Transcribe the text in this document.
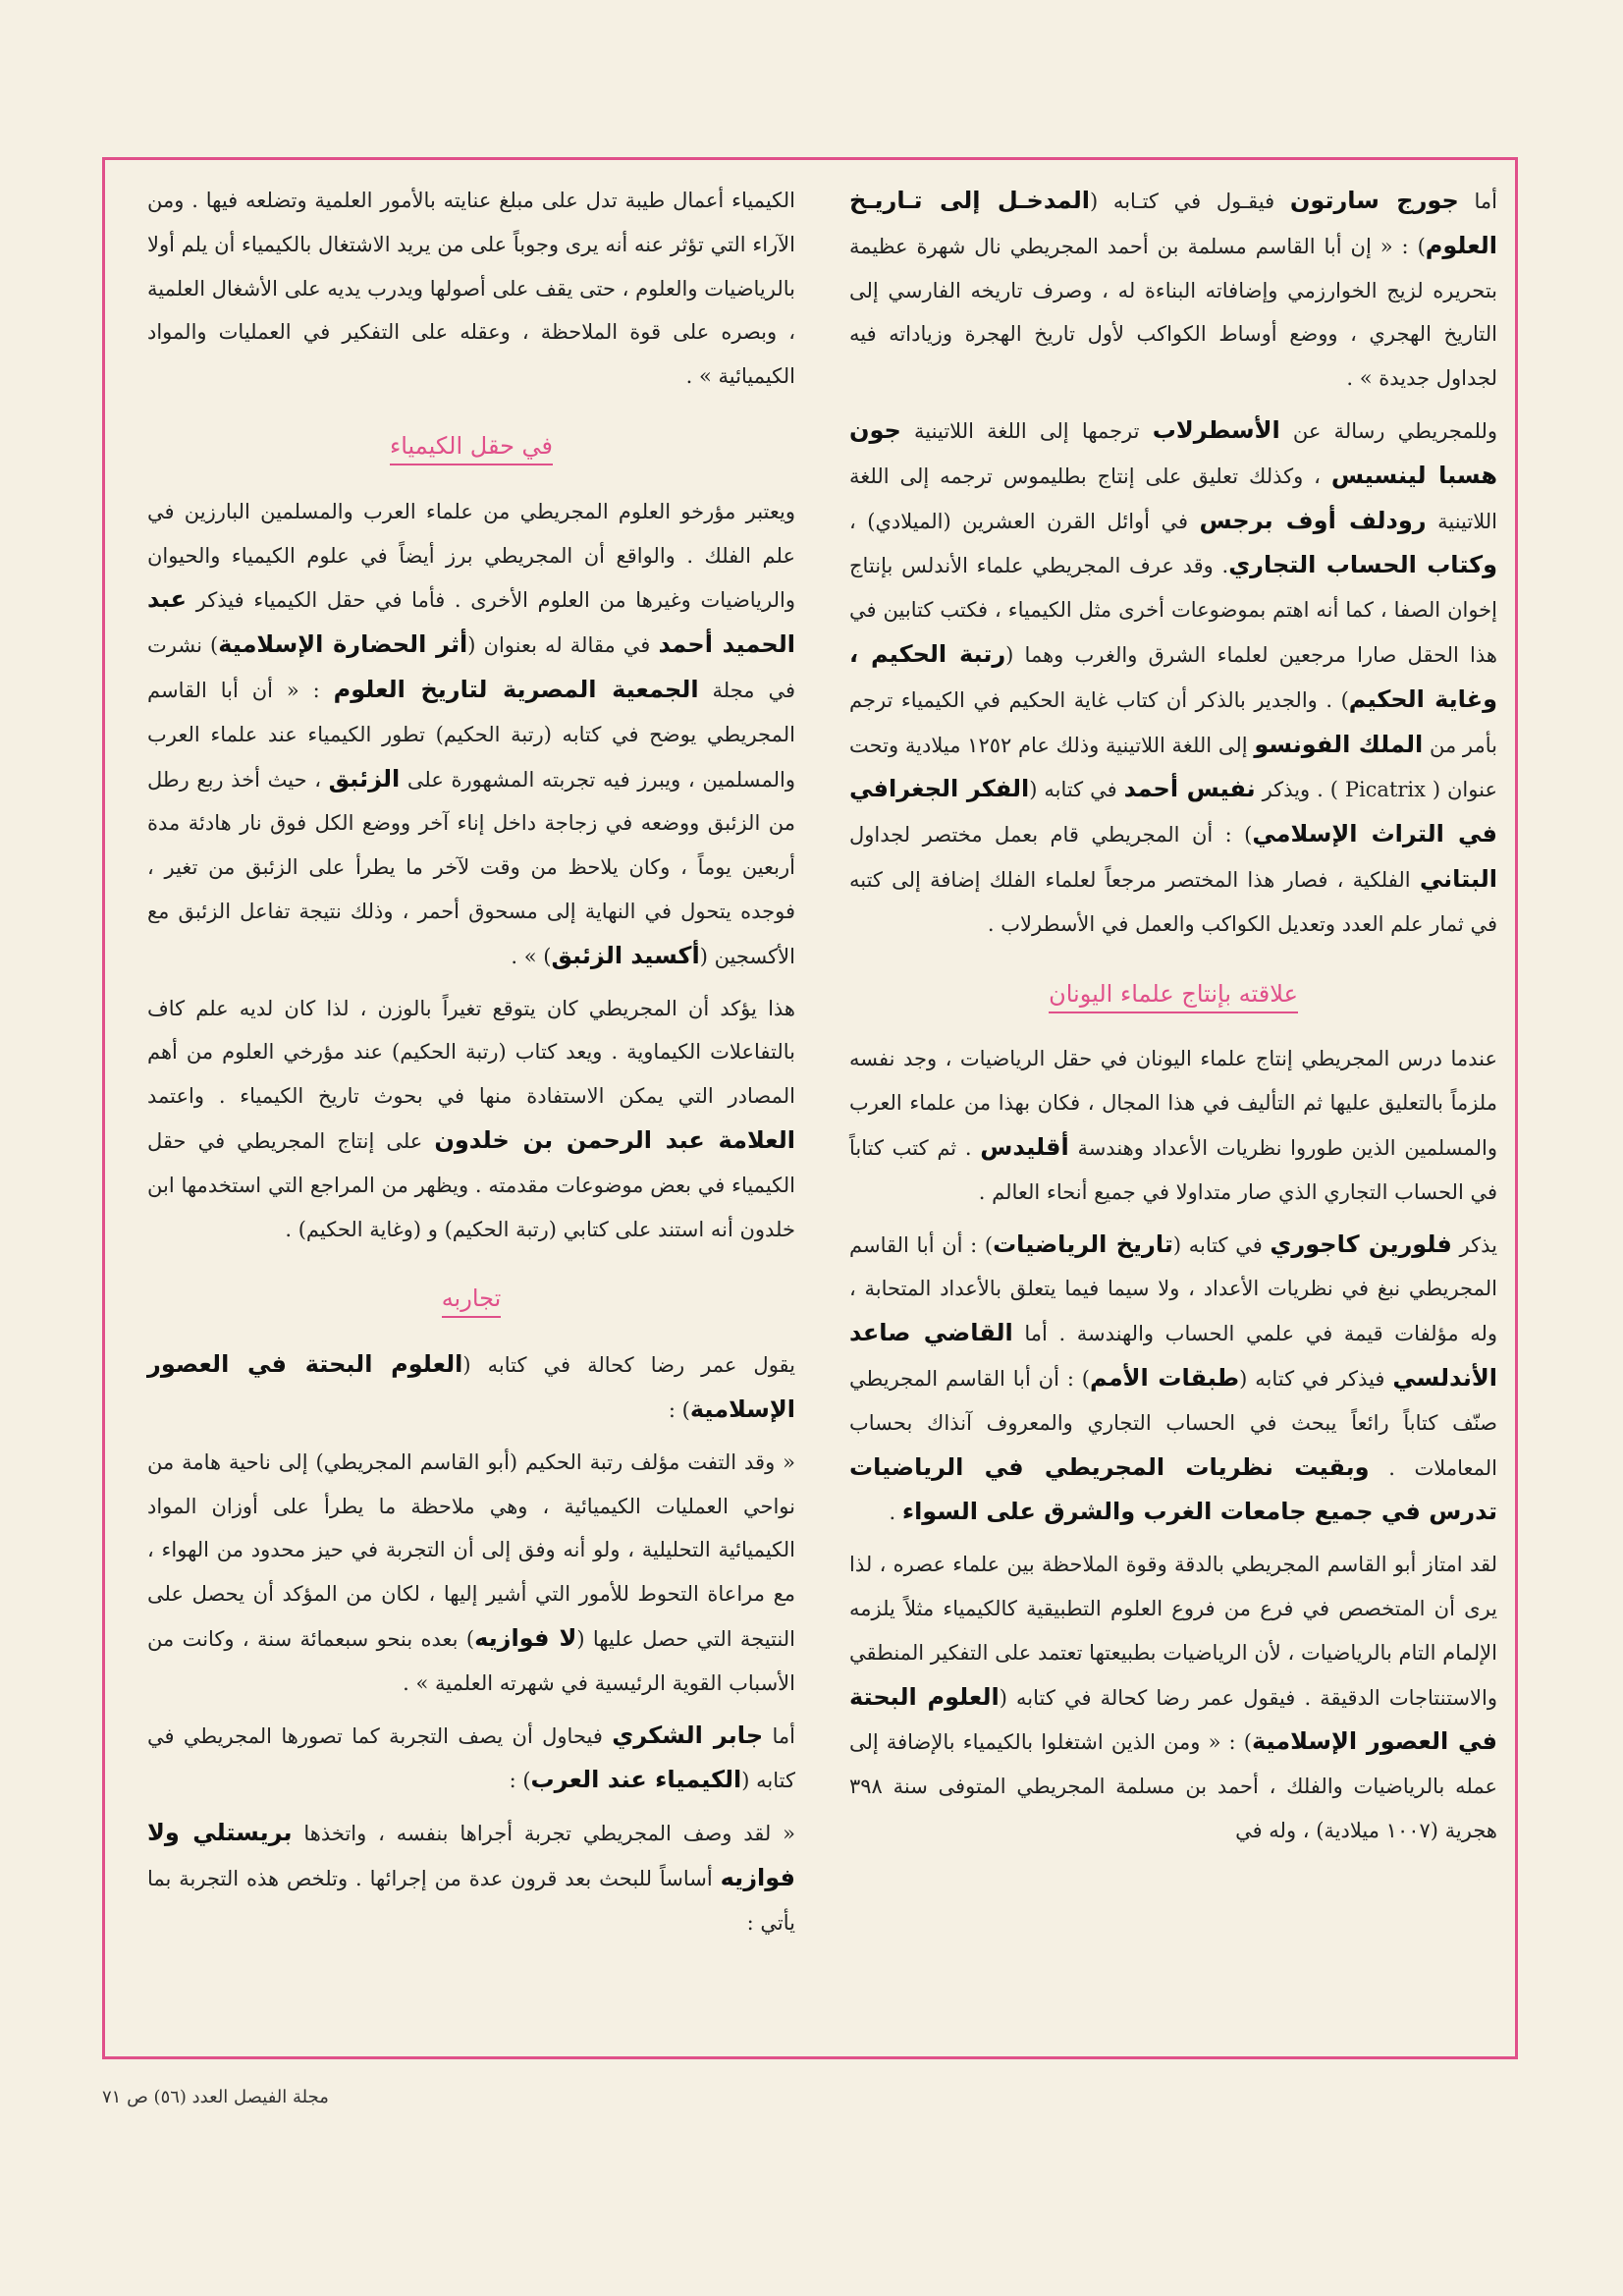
أما جورج سارتون فيقـول في كتـابه (المدخـل إلى تـاريـخ العلوم) : « إن أبا القاسم مسلمة بن أحمد المجريطي نال شهرة عظيمة بتحريره لزيج الخوارزمي وإضافاته البناءة له ، وصرف تاريخه الفارسي إلى التاريخ الهجري ، ووضع أوساط الكواكب لأول تاريخ الهجرة وزياداته فيه لجداول جديدة » .

وللمجريطي رسالة عن الأسطرلاب ترجمها إلى اللغة اللاتينية جون هسبا لينسيس ، وكذلك تعليق على إنتاج بطليموس ترجمه إلى اللغة اللاتينية رودلف أوف برجس في أوائل القرن العشرين (الميلادي) ، وكتاب الحساب التجاري. وقد عرف المجريطي علماء الأندلس بإنتاج إخوان الصفا ، كما أنه اهتم بموضوعات أخرى مثل الكيمياء ، فكتب كتابين في هذا الحقل صارا مرجعين لعلماء الشرق والغرب وهما (رتبة الحكيم ، وغاية الحكيم) . والجدير بالذكر أن كتاب غاية الحكيم في الكيمياء ترجم بأمر من الملك الفونسو إلى اللغة اللاتينية وذلك عام ١٢٥٢ ميلادية وتحت عنوان ( Picatrix ) . ويذكر نفيس أحمد في كتابه (الفكر الجغرافي في التراث الإسلامي) : أن المجريطي قام بعمل مختصر لجداول البتاني الفلكية ، فصار هذا المختصر مرجعاً لعلماء الفلك إضافة إلى كتبه في ثمار علم العدد وتعديل الكواكب والعمل في الأسطرلاب .

علاقته بإنتاج علماء اليونان

عندما درس المجريطي إنتاج علماء اليونان في حقل الرياضيات ، وجد نفسه ملزماً بالتعليق عليها ثم التأليف في هذا المجال ، فكان بهذا من علماء العرب والمسلمين الذين طوروا نظريات الأعداد وهندسة أقليدس . ثم كتب كتاباً في الحساب التجاري الذي صار متداولا في جميع أنحاء العالم .

يذكر فلورين كاجوري في كتابه (تاريخ الرياضيات) : أن أبا القاسم المجريطي نبغ في نظريات الأعداد ، ولا سيما فيما يتعلق بالأعداد المتحابة ، وله مؤلفات قيمة في علمي الحساب والهندسة . أما القاضي صاعد الأندلسي فيذكر في كتابه (طبقات الأمم) : أن أبا القاسم المجريطي صنّف كتاباً رائعاً يبحث في الحساب التجاري والمعروف آنذاك بحساب المعاملات . وبقيت نظريات المجريطي في الرياضيات تدرس في جميع جامعات الغرب والشرق على السواء .

لقد امتاز أبو القاسم المجريطي بالدقة وقوة الملاحظة بين علماء عصره ، لذا يرى أن المتخصص في فرع من فروع العلوم التطبيقية كالكيمياء مثلاً يلزمه الإلمام التام بالرياضيات ، لأن الرياضيات بطبيعتها تعتمد على التفكير المنطقي والاستنتاجات الدقيقة . فيقول عمر رضا كحالة في كتابه (العلوم البحتة في العصور الإسلامية) : « ومن الذين اشتغلوا بالكيمياء بالإضافة إلى عمله بالرياضيات والفلك ، أحمد بن مسلمة المجريطي المتوفى سنة ٣٩٨ هجرية (١٠٠٧ ميلادية) ، وله في

الكيمياء أعمال طيبة تدل على مبلغ عنايته بالأمور العلمية وتضلعه فيها . ومن الآراء التي تؤثر عنه أنه يرى وجوباً على من يريد الاشتغال بالكيمياء أن يلم أولا بالرياضيات والعلوم ، حتى يقف على أصولها ويدرب يديه على الأشغال العلمية ، وبصره على قوة الملاحظة ، وعقله على التفكير في العمليات والمواد الكيميائية » .

في حقل الكيمياء

ويعتبر مؤرخو العلوم المجريطي من علماء العرب والمسلمين البارزين في علم الفلك . والواقع أن المجريطي برز أيضاً في علوم الكيمياء والحيوان والرياضيات وغيرها من العلوم الأخرى . فأما في حقل الكيمياء فيذكر عبد الحميد أحمد في مقالة له بعنوان (أثر الحضارة الإسلامية) نشرت في مجلة الجمعية المصرية لتاريخ العلوم : « أن أبا القاسم المجريطي يوضح في كتابه (رتبة الحكيم) تطور الكيمياء عند علماء العرب والمسلمين ، ويبرز فيه تجربته المشهورة على الزئبق ، حيث أخذ ربع رطل من الزئبق ووضعه في زجاجة داخل إناء آخر ووضع الكل فوق نار هادئة مدة أربعين يوماً ، وكان يلاحظ من وقت لآخر ما يطرأ على الزئبق من تغير ، فوجده يتحول في النهاية إلى مسحوق أحمر ، وذلك نتيجة تفاعل الزئبق مع الأكسجين (أكسيد الزئبق) » .

هذا يؤكد أن المجريطي كان يتوقع تغيراً بالوزن ، لذا كان لديه علم كاف بالتفاعلات الكيماوية . ويعد كتاب (رتبة الحكيم) عند مؤرخي العلوم من أهم المصادر التي يمكن الاستفادة منها في بحوث تاريخ الكيمياء . واعتمد العلامة عبد الرحمن بن خلدون على إنتاج المجريطي في حقل الكيمياء في بعض موضوعات مقدمته . ويظهر من المراجع التي استخدمها ابن خلدون أنه استند على كتابي (رتبة الحكيم) و (وغاية الحكيم) .

تجاربه

يقول عمر رضا كحالة في كتابه (العلوم البحتة في العصور الإسلامية) :

« وقد التفت مؤلف رتبة الحكيم (أبو القاسم المجريطي) إلى ناحية هامة من نواحي العمليات الكيميائية ، وهي ملاحظة ما يطرأ على أوزان المواد الكيميائية التحليلية ، ولو أنه وفق إلى أن التجربة في حيز محدود من الهواء ، مع مراعاة التحوط للأمور التي أشير إليها ، لكان من المؤكد أن يحصل على النتيجة التي حصل عليها (لا فوازيه) بعده بنحو سبعمائة سنة ، وكانت من الأسباب القوية الرئيسية في شهرته العلمية » .

أما جابر الشكري فيحاول أن يصف التجربة كما تصورها المجريطي في كتابه (الكيمياء عند العرب) :

« لقد وصف المجريطي تجربة أجراها بنفسه ، واتخذها بريستلي ولا فوازيه أساساً للبحث بعد قرون عدة من إجرائها . وتلخص هذه التجربة بما يأتي :

مجلة الفيصل العدد (٥٦) ص ٧١
